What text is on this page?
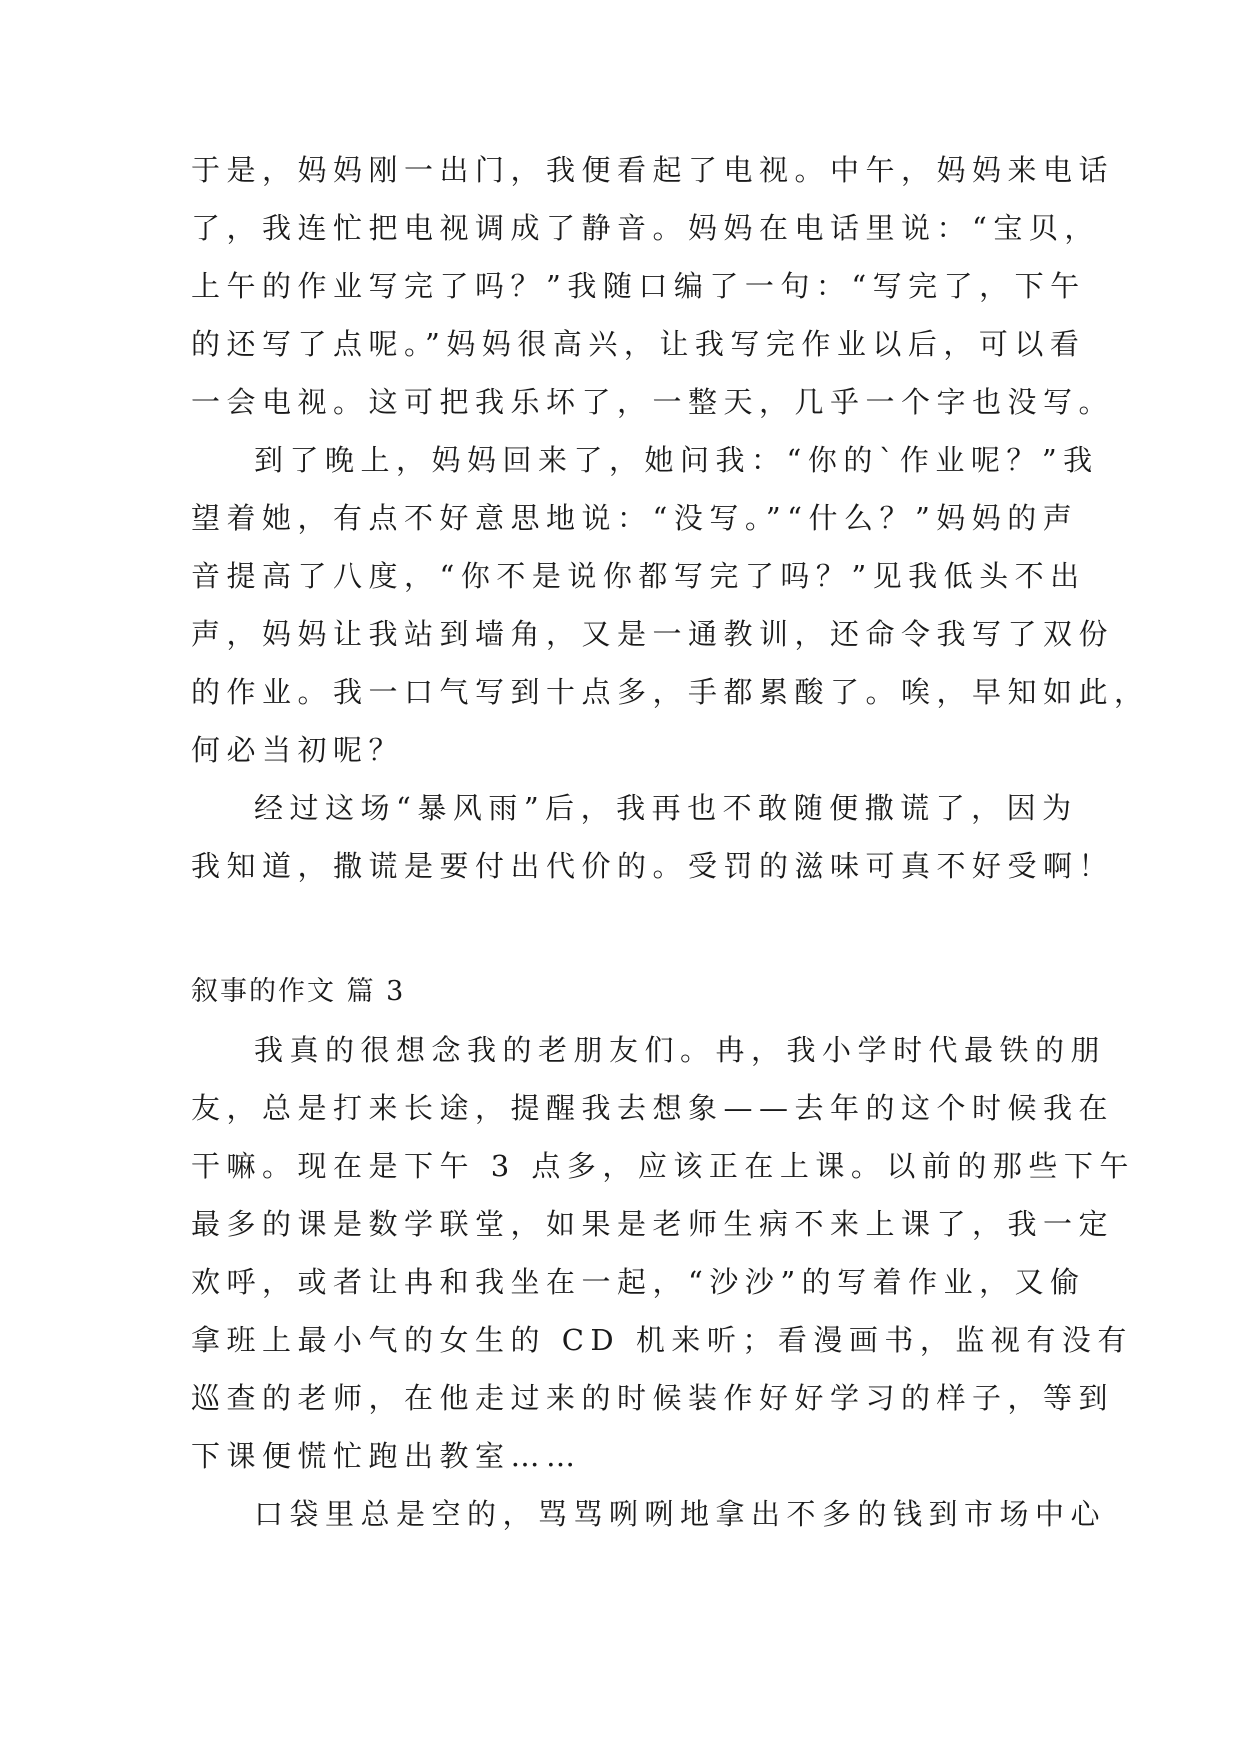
于是，妈妈刚一出门，我便看起了电视。中午，妈妈来电话
了，我连忙把电视调成了静音。妈妈在电话里说：“宝贝，
上午的作业写完了吗？”我随口编了一句：“写完了，下午
的还写了点呢。”妈妈很高兴，让我写完作业以后，可以看
一会电视。这可把我乐坏了，一整天，几乎一个字也没写。
到了晚上，妈妈回来了，她问我：“你的`作业呢？”我
望着她，有点不好意思地说：“没写。”“什么？”妈妈的声
音提高了八度，“你不是说你都写完了吗？”见我低头不出
声，妈妈让我站到墙角，又是一通教训，还命令我写了双份
的作业。我一口气写到十点多，手都累酸了。唉，早知如此，
何必当初呢？
经过这场“暴风雨”后，我再也不敢随便撒谎了，因为
我知道，撒谎是要付出代价的。受罚的滋味可真不好受啊！
叙事的作文 篇 3
我真的很想念我的老朋友们。冉，我小学时代最铁的朋
友，总是打来长途，提醒我去想象——去年的这个时候我在
干嘛。现在是下午 3 点多，应该正在上课。以前的那些下午
最多的课是数学联堂，如果是老师生病不来上课了，我一定
欢呼，或者让冉和我坐在一起，“沙沙”的写着作业，又偷
拿班上最小气的女生的 CD 机来听；看漫画书，监视有没有
巡查的老师，在他走过来的时候装作好好学习的样子，等到
下课便慌忙跑出教室……
口袋里总是空的，骂骂咧咧地拿出不多的钱到市场中心
